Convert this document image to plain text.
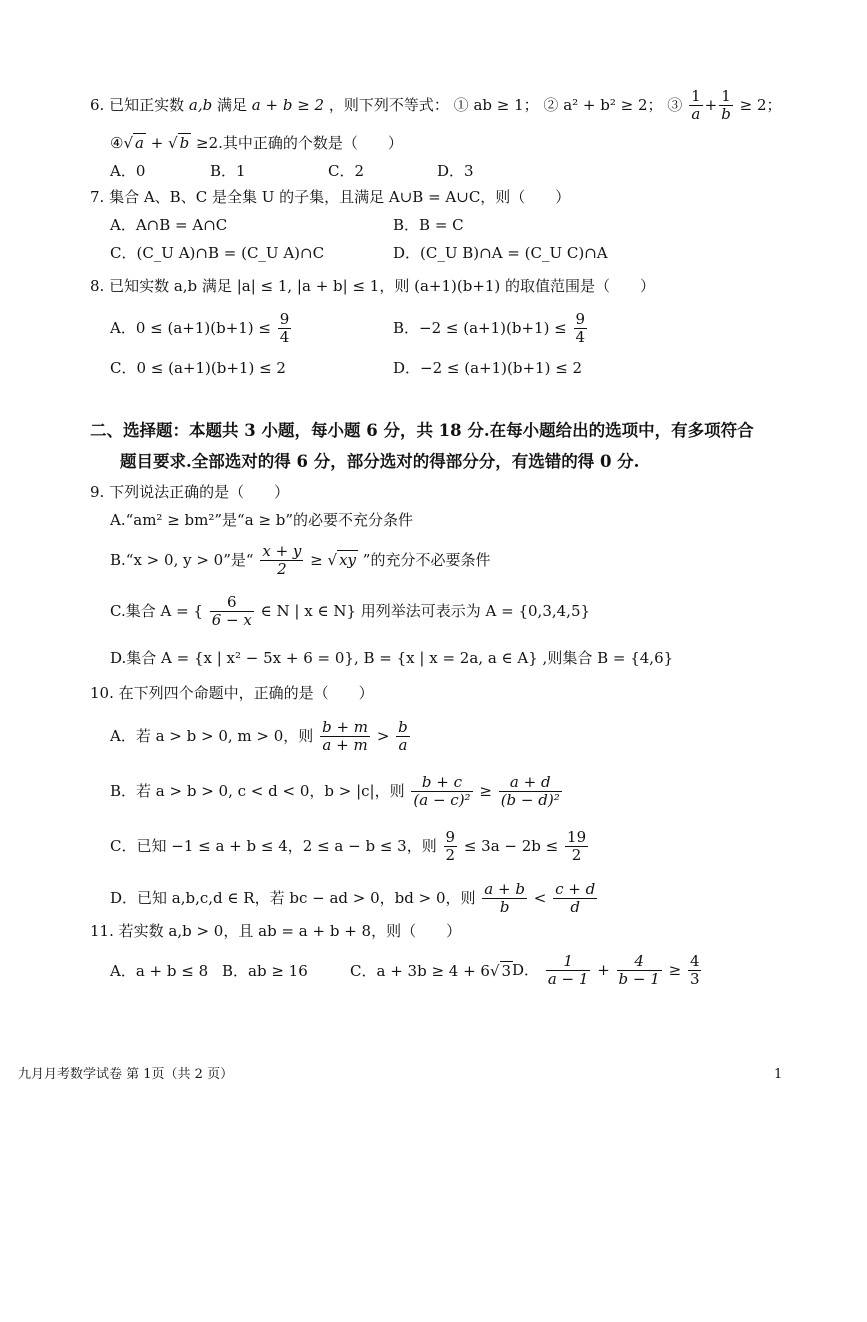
6. 已知正实数 a,b 满足 a + b ≥ 2 ，则下列不等式： ① ab ≥ 1； ② a² + b² ≥ 2； ③ $\frac{1}{a} + \frac{1}{b} \ge 2$；
④√ a + √ b ≥2.其中正确的个数是（　　）
A．0	B．1	C．2	D．3
7. 集合 A、B、C 是全集 U 的子集，且满足 A∪B = A∪C，则（　　）
A．A∩B = A∩C	B．B = C
C．(C_U A)∩B = (C_U A)∩C	D．(C_U B)∩A = (C_U C)∩A
8. 已知实数 a,b 满足 |a| ≤ 1, |a + b| ≤ 1，则 (a+1)(b+1) 的取值范围是（　　）
A．$0 \le (a+1)(b+1) \le \frac{9}{4}$	B．$-2 \le (a+1)(b+1) \le \frac{9}{4}$
C．0 ≤ (a+1)(b+1) ≤ 2	D．−2 ≤ (a+1)(b+1) ≤ 2
二、选择题：本题共 3 小题，每小题 6 分，共 18 分.在每小题给出的选项中，有多项符合
题目要求.全部选对的得 6 分，部分选对的得部分分，有选错的得 0 分.
9. 下列说法正确的是（　　）
A.“am² ≥ bm²”是“a ≥ b”的必要不充分条件
B.“x > 0, y > 0”是“ $\frac{x + y}{2}$ ≥ √ xy ”的充分不必要条件
C.集合 A = { $\frac{6}{6 - x}$ ∈ N | x ∈ N} 用列举法可表示为 A = {0,3,4,5}
D.集合 A = {x | x² − 5x + 6 = 0}, B = {x | x = 2a, a ∈ A} ,则集合 B = {4,6}
10. 在下列四个命题中，正确的是（　　）
A．若 a > b > 0, m > 0，则 $\frac{b + m}{a + m} > \frac{b}{a}$
B．若 a > b > 0, c < d < 0，b > |c|，则 $\frac{b + c}{\text{(a − c)²}} \ge \frac{a + d}{\text{(b − d)²}}$
C．已知 −1 ≤ a + b ≤ 4，2 ≤ a − b ≤ 3，则 $\frac{9}{2} \le 3a - 2b \le \frac{19}{2}$
D．已知 a,b,c,d ∈ R，若 bc − ad > 0，bd > 0，则 $\frac{a + b}{b} < \frac{c + d}{d}$
11. 若实数 a,b > 0，且 ab = a + b + 8，则（　　）
A．a + b ≤ 8 B．ab ≥ 16	C．a + 3b ≥ 4 + 6√ 3 D． $\frac{1}{a - 1} + \frac{4}{b - 1} \ge \frac{4}{3}$
九月月考数学试卷 第 1页（共 2 页）	1
